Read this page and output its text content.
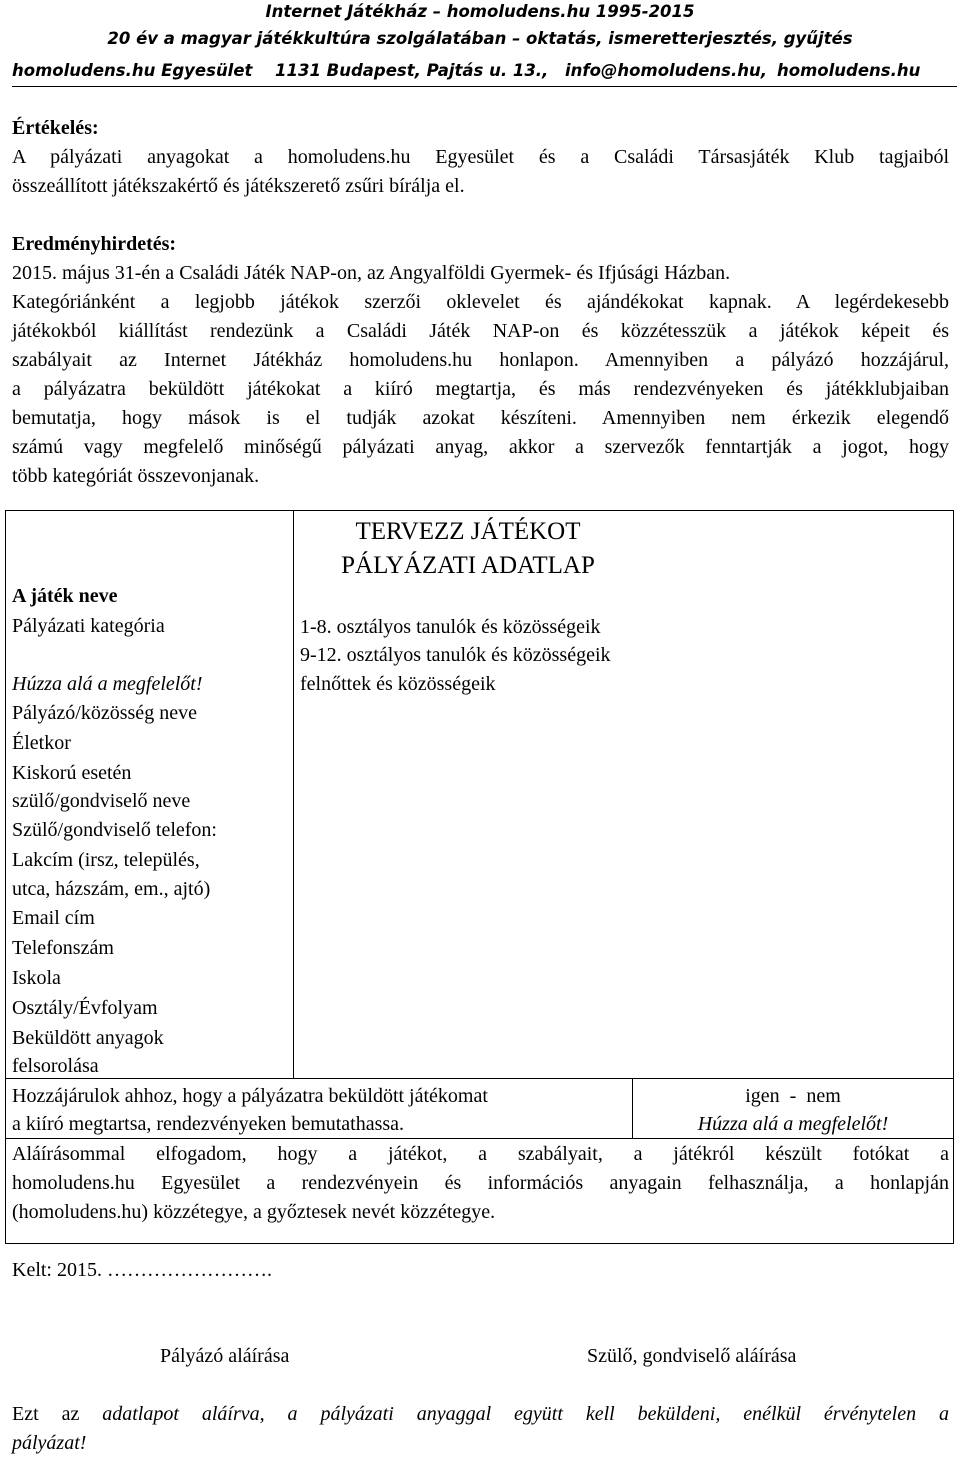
Internet Játékház – homoludens.hu 1995-2015
20 év a magyar játékkultúra szolgálatában – oktatás, ismeretterjesztés, gyűjtés
homoludens.hu Egyesület 1131 Budapest, Pajtás u. 13., info@homoludens.hu, homoludens.hu
Értékelés:
A pályázati anyagokat a homoludens.hu Egyesület és a Családi Társasjáték Klub tagjaiból
összeállított játékszakértő és játékszerető zsűri bírálja el.
Eredményhirdetés:
2015. május 31-én a Családi Játék NAP-on, az Angyalföldi Gyermek- és Ifjúsági Házban.
Kategóriánként a legjobb játékok szerzői oklevelet és ajándékokat kapnak. A legérdekesebb
játékokból kiállítást rendezünk a Családi Játék NAP-on és közzétesszük a játékok képeit és
szabályait az Internet Játékház homoludens.hu honlapon. Amennyiben a pályázó hozzájárul,
a pályázatra beküldött játékokat a kiíró megtartja, és más rendezvényeken és játékklubjaiban
bemutatja, hogy mások is el tudják azokat készíteni. Amennyiben nem érkezik elegendő
számú vagy megfelelő minőségű pályázati anyag, akkor a szervezők fenntartják a jogot, hogy
több kategóriát összevonjanak.
TERVEZZ JÁTÉKOT
PÁLYÁZATI ADATLAP
A játék neve
Pályázati kategória
Húzza alá a megfelelőt!
1-8. osztályos tanulók és közösségeik
9-12. osztályos tanulók és közösségeik
felnőttek és közösségeik
Pályázó/közösség neve
Életkor
Kiskorú esetén
szülő/gondviselő neve
Szülő/gondviselő telefon:
Lakcím (irsz, település,
utca, házszám, em., ajtó)
Email cím
Telefonszám
Iskola
Osztály/Évfolyam
Beküldött anyagok
felsorolása
Hozzájárulok ahhoz, hogy a pályázatra beküldött játékomat
a kiíró megtartsa, rendezvényeken bemutathassa.
igen  -  nem
Húzza alá a megfelelőt!
Aláírásommal elfogadom, hogy a játékot, a szabályait, a játékról készült fotókat a
homoludens.hu Egyesület a rendezvényein és információs anyagain felhasználja, a honlapján
(homoludens.hu) közzétegye, a győztesek nevét közzétegye.
Kelt: 2015. …………………….
Pályázó aláírása	Szülő, gondviselő aláírása
Ezt az adatlapot aláírva, a pályázati anyaggal együtt kell beküldeni, enélkül érvénytelen a
pályázat!
